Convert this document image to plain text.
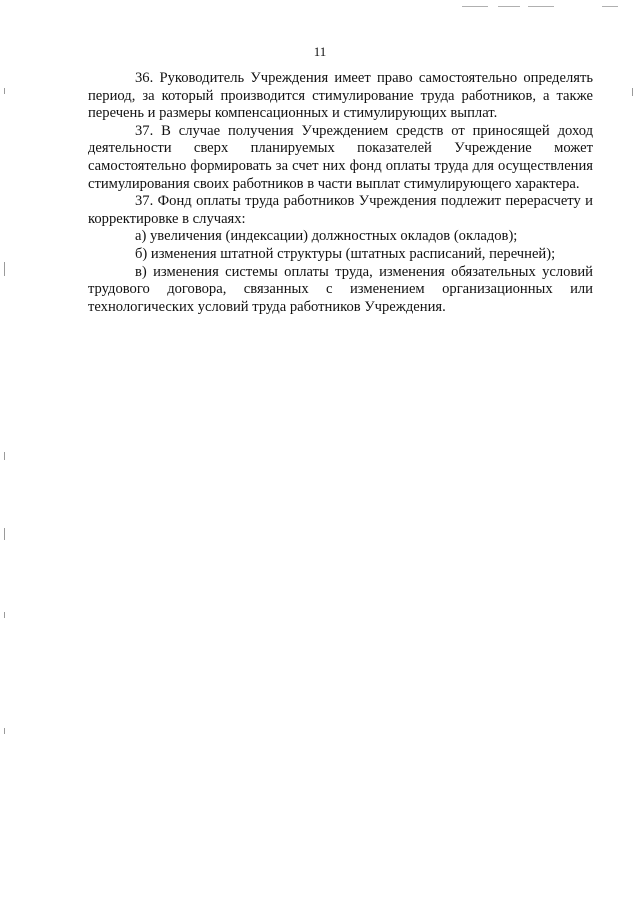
11

36. Руководитель Учреждения имеет право самостоятельно определять период, за который производится стимулирование труда работников, а также перечень и размеры компенсационных и стимулирующих выплат.

37. В случае получения Учреждением средств от приносящей доход деятельности сверх планируемых показателей Учреждение может самостоятельно формировать за счет них фонд оплаты труда для осуществления стимулирования своих работников в части выплат стимулирующего характера.

37. Фонд оплаты труда работников Учреждения подлежит перерасчету и корректировке в случаях:

а) увеличения (индексации) должностных окладов (окладов);

б) изменения штатной структуры (штатных расписаний, перечней);

в) изменения системы оплаты труда, изменения обязательных условий трудового договора, связанных с изменением организационных или технологических условий труда работников Учреждения.
